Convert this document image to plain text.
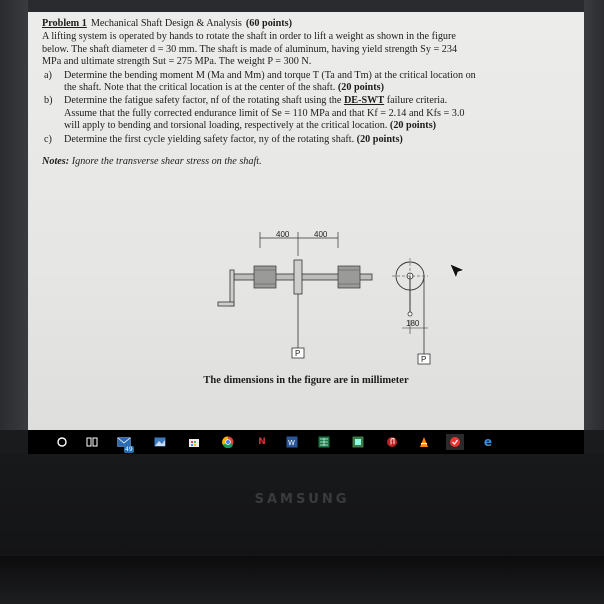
Problem 1 Mechanical Shaft Design & Analysis (60 points)

A lifting system is operated by hands to rotate the shaft in order to lift a weight as shown in the figure

below. The shaft diameter d = 30 mm. The shaft is made of aluminum, having yield strength Sy = 234

MPa and ultimate strength Sut = 275 MPa. The weight P = 300 N.

a)	Determine the bending moment M (Ma and Mm) and torque T (Ta and Tm) at the critical location on

the shaft. Note that the critical location is at the center of the shaft. (20 points)

b)	Determine the fatigue safety factor, nf of the rotating shaft using the DE-SWT failure criteria.

Assume that the fully corrected endurance limit of Se = 110 MPa and that Kf = 2.14 and Kfs = 3.0

will apply to bending and torsional loading, respectively at the critical location. (20 points)

c)	Determine the first cycle yielding safety factor, ny of the rotating shaft. (20 points)

Notes: Ignore the transverse shear stress on the shaft.

400	400
P
180
P
The dimensions in the figure are in millimeter
49
N	W	e
SAMSUNG
